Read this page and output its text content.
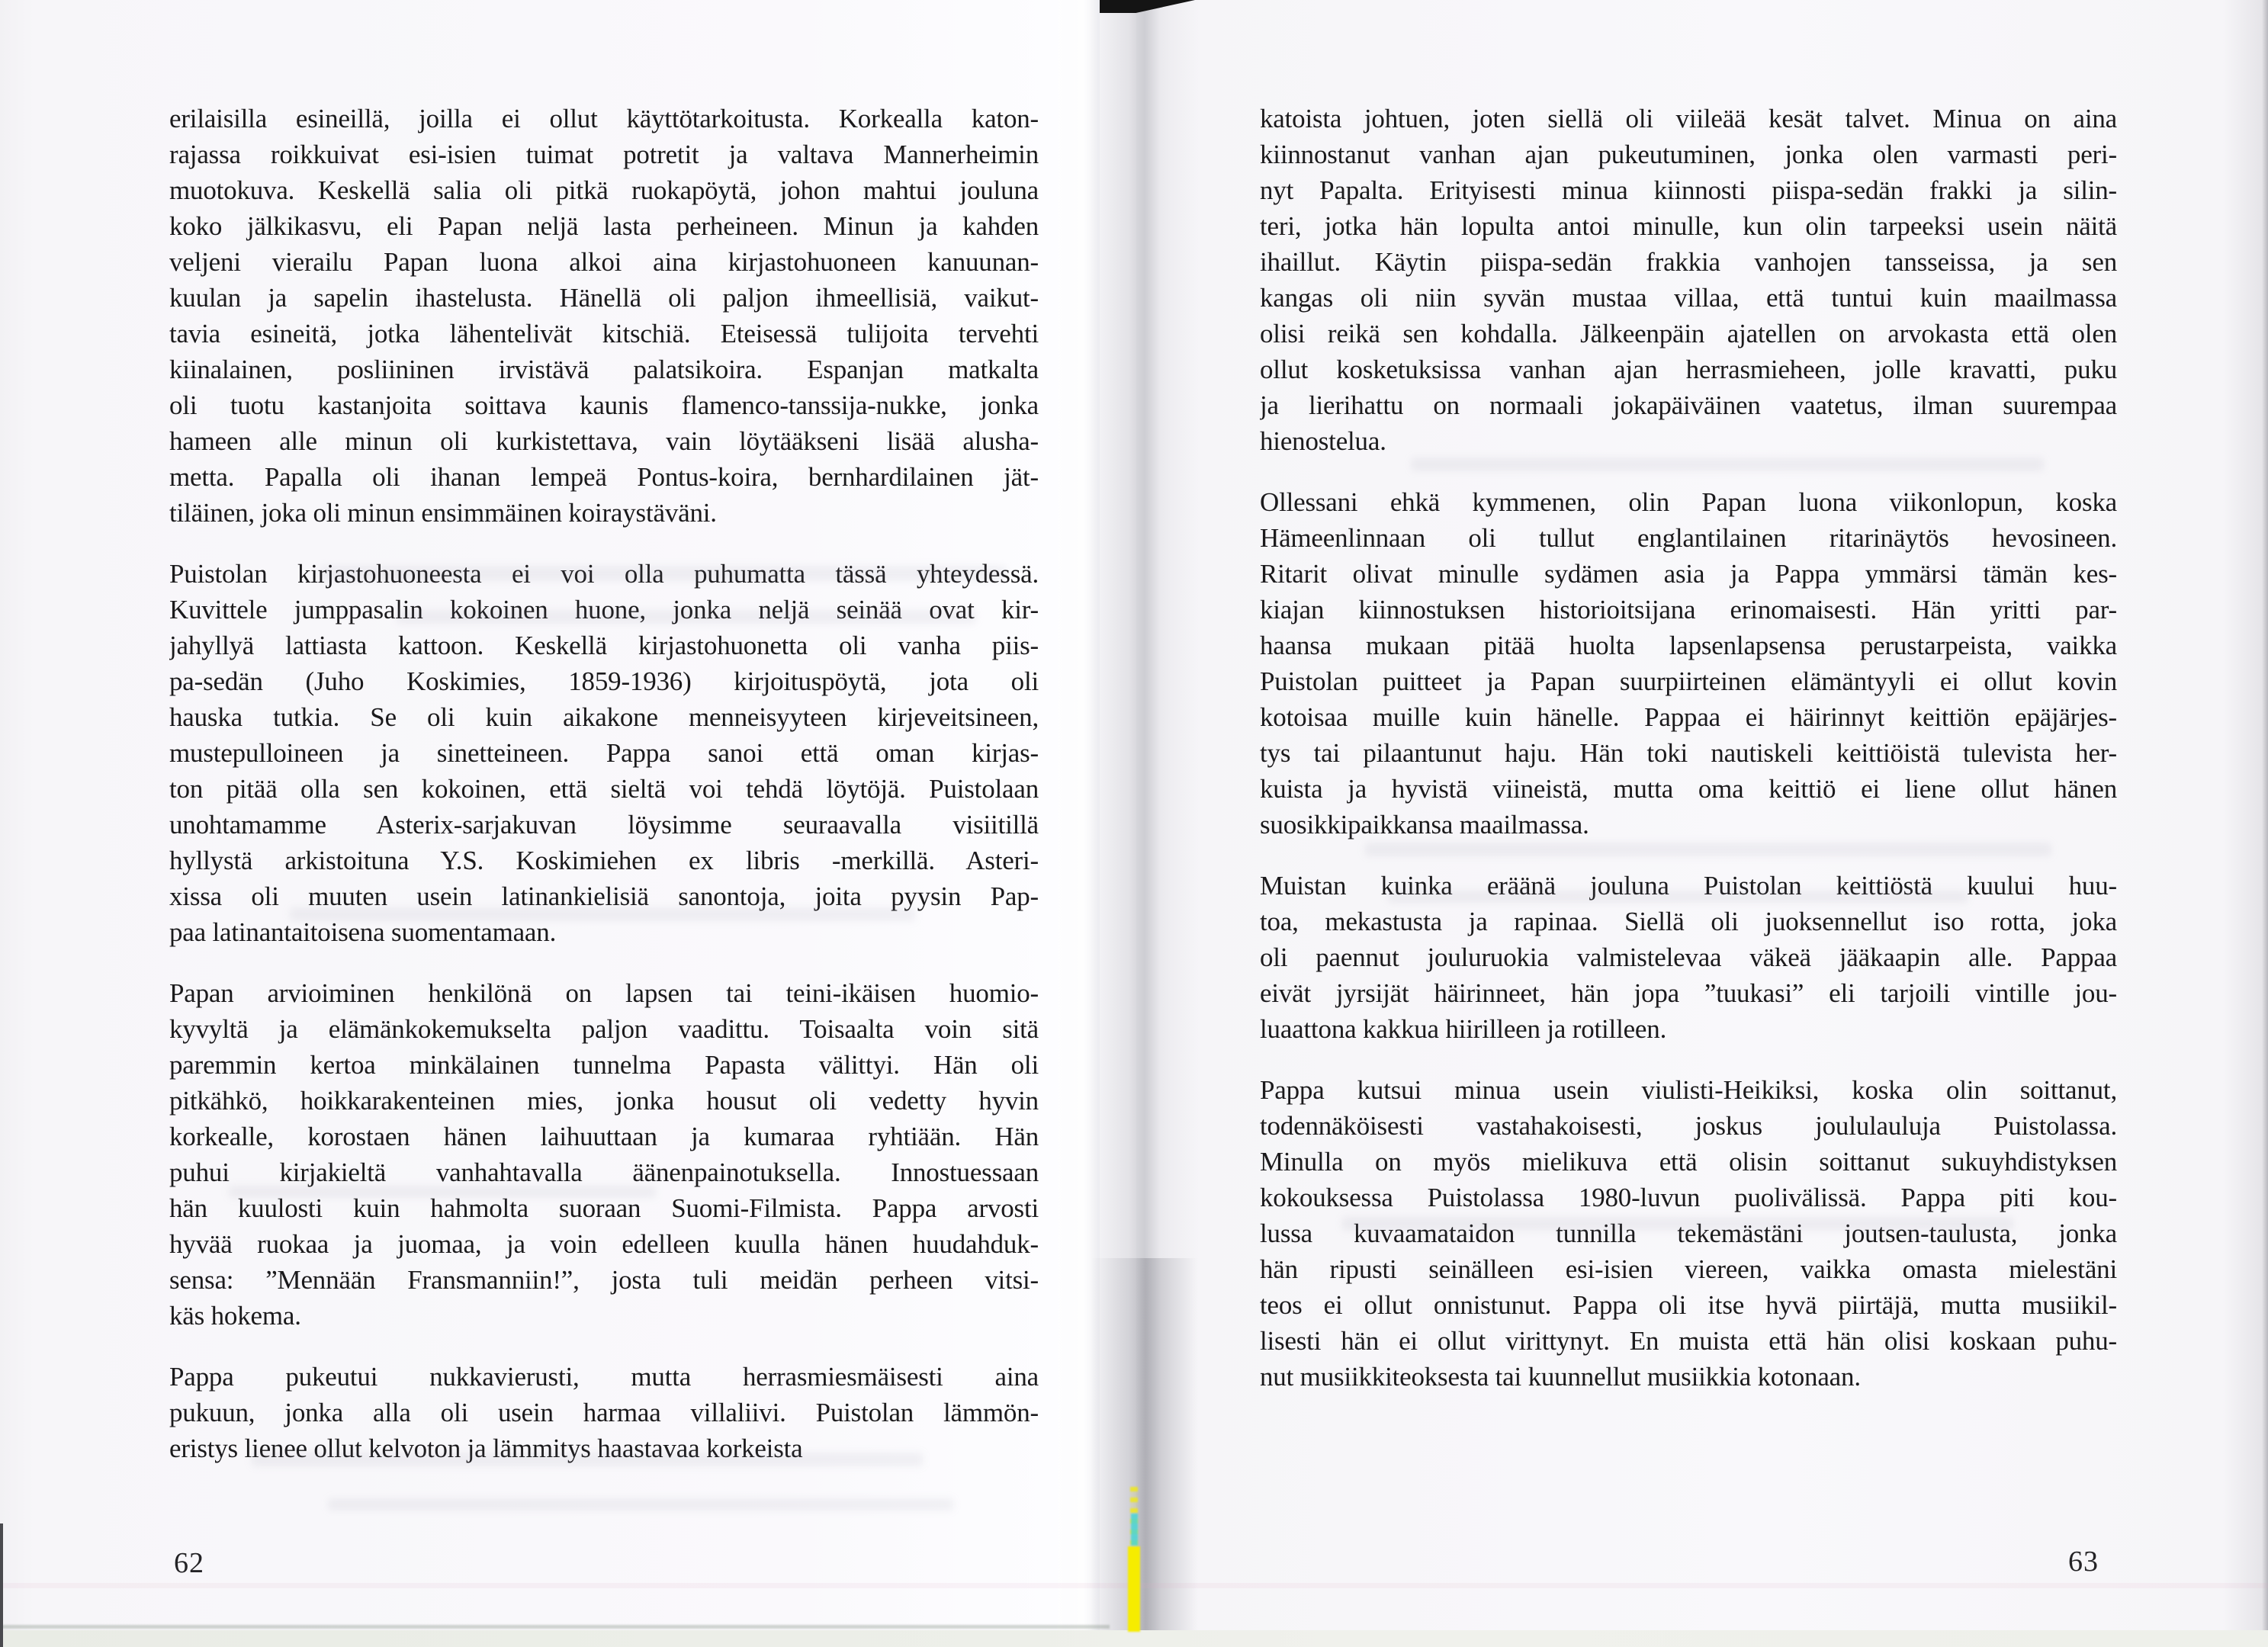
erilaisilla esineillä, joilla ei ollut käyttötarkoitusta. Korkealla katon-
rajassa roikkuivat esi-isien tuimat potretit ja valtava Mannerheimin
muotokuva. Keskellä salia oli pitkä ruokapöytä, johon mahtui jouluna
koko jälkikasvu, eli Papan neljä lasta perheineen. Minun ja kahden
veljeni vierailu Papan luona alkoi aina kirjastohuoneen kanuunan-
kuulan ja sapelin ihastelusta. Hänellä oli paljon ihmeellisiä, vaikut-
tavia esineitä, jotka lähentelivät kitschiä. Eteisessä tulijoita tervehti
kiinalainen, posliininen irvistävä palatsikoira. Espanjan matkalta
oli tuotu kastanjoita soittava kaunis flamenco-tanssija-nukke, jonka
hameen alle minun oli kurkistettava, vain löytääkseni lisää alusha-
metta. Papalla oli ihanan lempeä Pontus-koira, bernhardilainen jät-
tiläinen, joka oli minun ensimmäinen koiraystäväni.
Puistolan kirjastohuoneesta ei voi olla puhumatta tässä yhteydessä.
Kuvittele jumppasalin kokoinen huone, jonka neljä seinää ovat kir-
jahyllyä lattiasta kattoon. Keskellä kirjastohuonetta oli vanha piis-
pa-sedän (Juho Koskimies, 1859-1936) kirjoituspöytä, jota oli
hauska tutkia. Se oli kuin aikakone menneisyyteen kirjeveitsineen,
mustepulloineen ja sinetteineen. Pappa sanoi että oman kirjas-
ton pitää olla sen kokoinen, että sieltä voi tehdä löytöjä. Puistolaan
unohtamamme Asterix-sarjakuvan löysimme seuraavalla visiitillä
hyllystä arkistoituna Y.S. Koskimiehen ex libris -merkillä. Asteri-
xissa oli muuten usein latinankielisiä sanontoja, joita pyysin Pap-
paa latinantaitoisena suomentamaan.
Papan arvioiminen henkilönä on lapsen tai teini-ikäisen huomio-
kyvyltä ja elämänkokemukselta paljon vaadittu. Toisaalta voin sitä
paremmin kertoa minkälainen tunnelma Papasta välittyi. Hän oli
pitkähkö, hoikkarakenteinen mies, jonka housut oli vedetty hyvin
korkealle, korostaen hänen laihuuttaan ja kumaraa ryhtiään. Hän
puhui kirjakieltä vanhahtavalla äänenpainotuksella. Innostuessaan
hän kuulosti kuin hahmolta suoraan Suomi-Filmista. Pappa arvosti
hyvää ruokaa ja juomaa, ja voin edelleen kuulla hänen huudahduk-
sensa: ”Mennään Fransmanniin!”, josta tuli meidän perheen vitsi-
käs hokema.
Pappa pukeutui nukkavierusti, mutta herrasmiesmäisesti aina
pukuun, jonka alla oli usein harmaa villaliivi. Puistolan lämmön-
eristys lienee ollut kelvoton ja lämmitys haastavaa korkeista
62
katoista johtuen, joten siellä oli viileää kesät talvet. Minua on aina
kiinnostanut vanhan ajan pukeutuminen, jonka olen varmasti peri-
nyt Papalta. Erityisesti minua kiinnosti piispa-sedän frakki ja silin-
teri, jotka hän lopulta antoi minulle, kun olin tarpeeksi usein näitä
ihaillut. Käytin piispa-sedän frakkia vanhojen tansseissa, ja sen
kangas oli niin syvän mustaa villaa, että tuntui kuin maailmassa
olisi reikä sen kohdalla. Jälkeenpäin ajatellen on arvokasta että olen
ollut kosketuksissa vanhan ajan herrasmieheen, jolle kravatti, puku
ja lierihattu on normaali jokapäiväinen vaatetus, ilman suurempaa
hienostelua.
Ollessani ehkä kymmenen, olin Papan luona viikonlopun, koska
Hämeenlinnaan oli tullut englantilainen ritarinäytös hevosineen.
Ritarit olivat minulle sydämen asia ja Pappa ymmärsi tämän kes-
kiajan kiinnostuksen historioitsijana erinomaisesti. Hän yritti par-
haansa mukaan pitää huolta lapsenlapsensa perustarpeista, vaikka
Puistolan puitteet ja Papan suurpiirteinen elämäntyyli ei ollut kovin
kotoisaa muille kuin hänelle. Pappaa ei häirinnyt keittiön epäjärjes-
tys tai pilaantunut haju. Hän toki nautiskeli keittiöistä tulevista her-
kuista ja hyvistä viineistä, mutta oma keittiö ei liene ollut hänen
suosikkipaikkansa maailmassa.
Muistan kuinka eräänä jouluna Puistolan keittiöstä kuului huu-
toa, mekastusta ja rapinaa. Siellä oli juoksennellut iso rotta, joka
oli paennut jouluruokia valmistelevaa väkeä jääkaapin alle. Pappaa
eivät jyrsijät häirinneet, hän jopa ”tuukasi” eli tarjoili vintille jou-
luaattona kakkua hiirilleen ja rotilleen.
Pappa kutsui minua usein viulisti-Heikiksi, koska olin soittanut,
todennäköisesti vastahakoisesti, joskus joululauluja Puistolassa.
Minulla on myös mielikuva että olisin soittanut sukuyhdistyksen
kokouksessa Puistolassa 1980-luvun puolivälissä. Pappa piti kou-
lussa kuvaamataidon tunnilla tekemästäni joutsen-taulusta, jonka
hän ripusti seinälleen esi-isien viereen, vaikka omasta mielestäni
teos ei ollut onnistunut. Pappa oli itse hyvä piirtäjä, mutta musiikil-
lisesti hän ei ollut virittynyt. En muista että hän olisi koskaan puhu-
nut musiikkiteoksesta tai kuunnellut musiikkia kotonaan.
63
